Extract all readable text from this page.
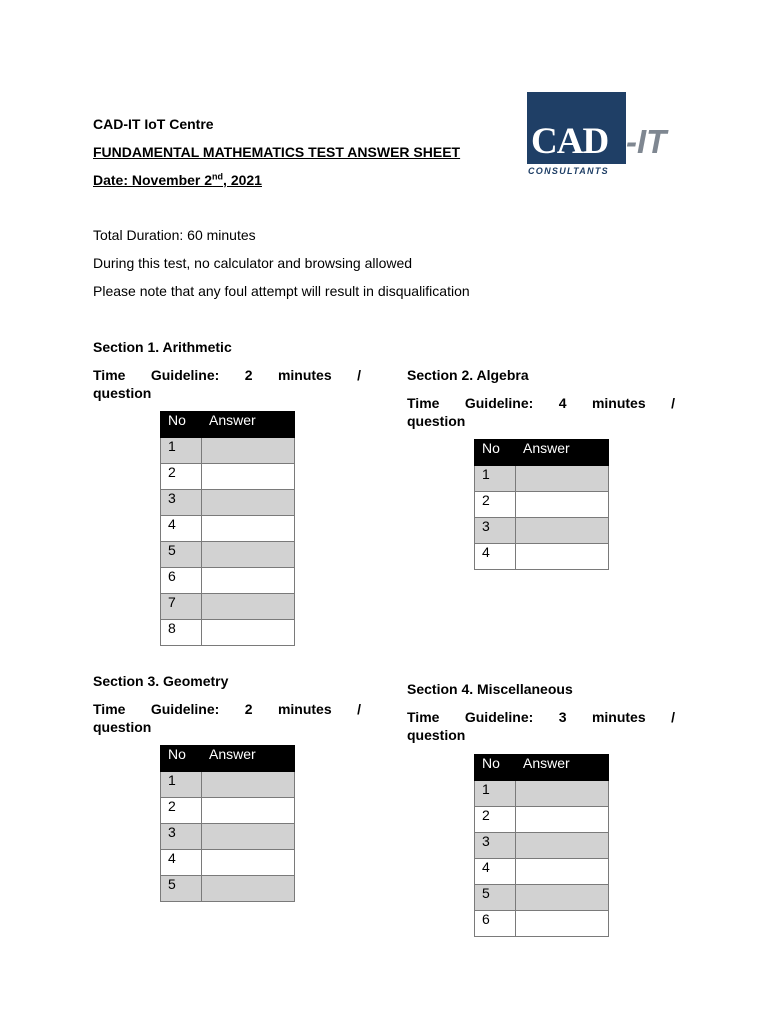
CAD-IT IoT Centre
FUNDAMENTAL MATHEMATICS TEST ANSWER SHEET
Date: November 2nd, 2021
CAD -IT
CONSULTANTS
Total Duration: 60 minutes
During this test, no calculator and browsing allowed
Please note that any foul attempt will result in disqualification
Section 1. Arithmetic
Time Guideline: 2 minutes /
question
No	Answer
1	
2	
3	
4	
5	
6	
7	
8	
Section 2. Algebra
Time Guideline: 4 minutes /
question
No	Answer
1	
2	
3	
4	
Section 3. Geometry
Time Guideline: 2 minutes /
question
No	Answer
1	
2	
3	
4	
5	
Section 4. Miscellaneous
Time Guideline: 3 minutes /
question
No	Answer
1	
2	
3	
4	
5	
6	
